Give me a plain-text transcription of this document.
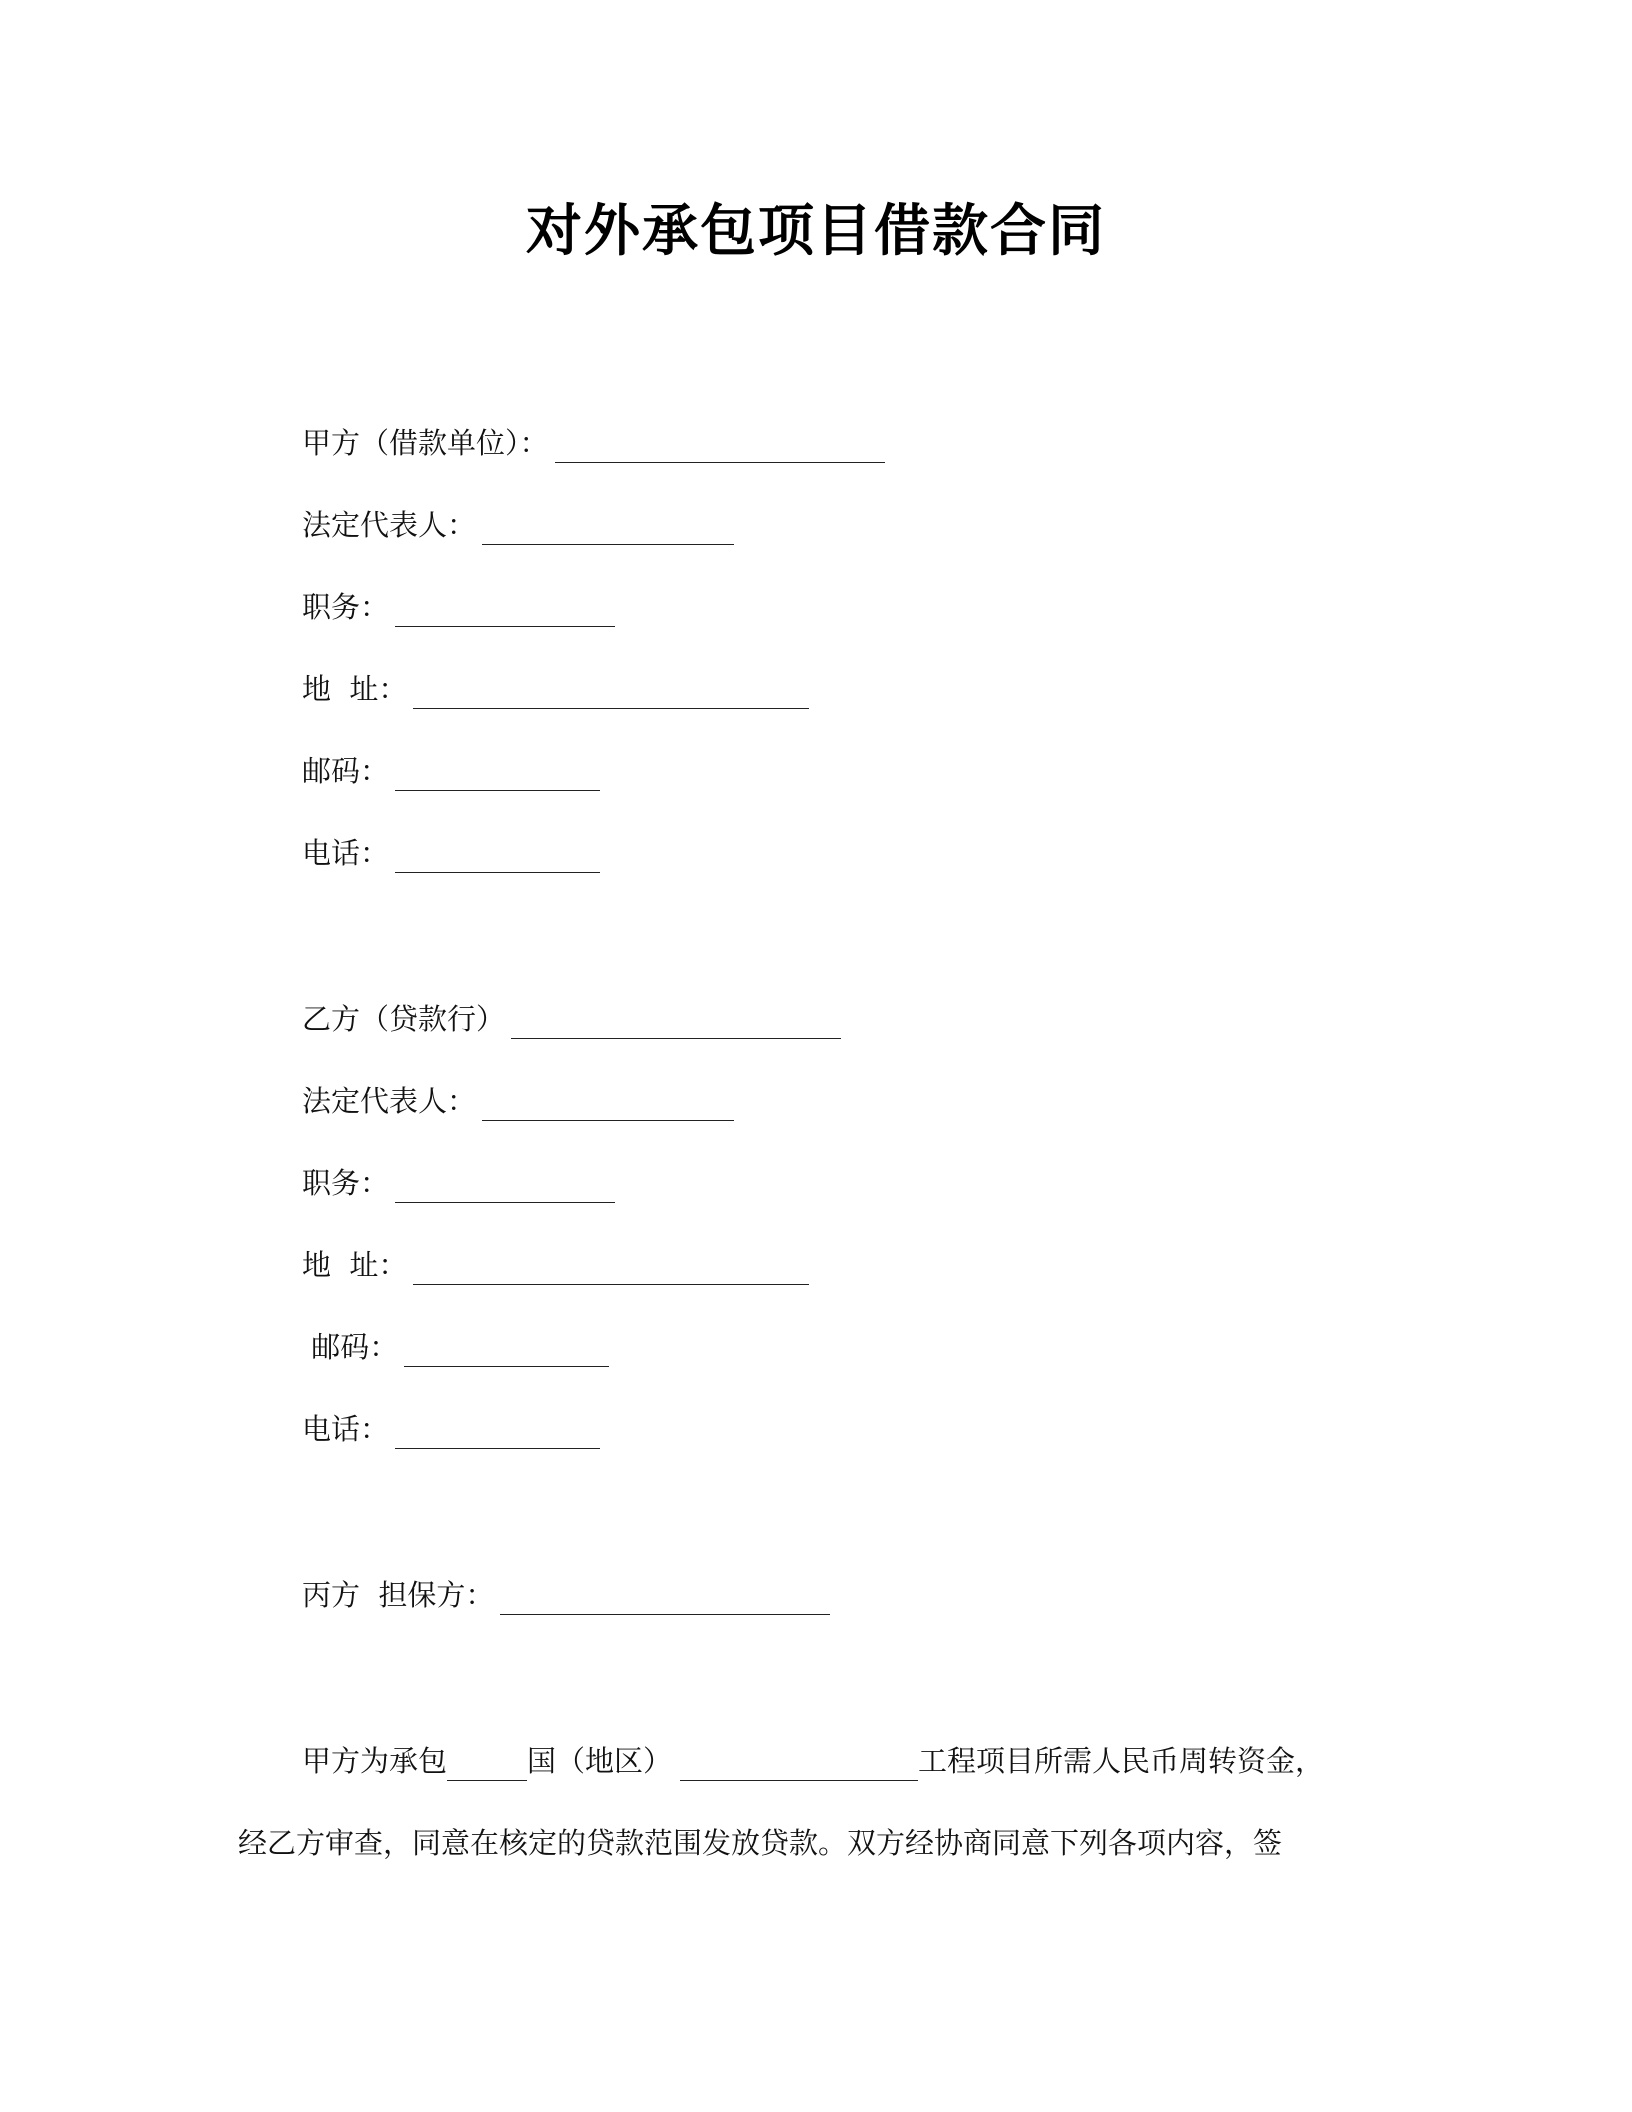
对外承包项目借款合同
甲方（借款单位）：
法定代表人：
职务：
地  址：
邮码：
电话：
乙方（贷款行）
法定代表人：
职务：
地  址：
邮码：
电话：
丙方  担保方：
甲方为承包	国（地区）	工程项目所需人民币周转资金，
经乙方审查，同意在核定的贷款范围发放贷款。双方经协商同意下列各项内容，签
